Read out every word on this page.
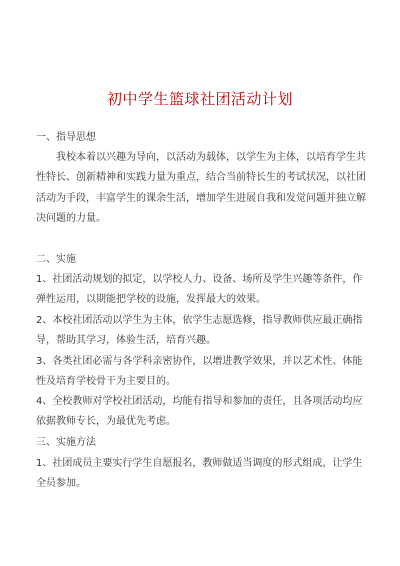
初中学生篮球社团活动计划

一、指导思想

我校本着以兴趣为导向，以活动为载体，以学生为主体，以培育学生共性特长、创新精神和实践力量为重点，结合当前特长生的考试状况，以社团活动为手段，丰富学生的课余生活，增加学生进展自我和发觉问题并独立解决问题的力量。

二、实施

1、社团活动规划的拟定，以学校人力、设备、场所及学生兴趣等条件，作弹性运用，以期能把学校的设施，发挥最大的效果。

2、本校社团活动以学生为主体，依学生志愿选修，指导教师供应最正确指导，帮助其学习，体验生活，培育兴趣。

3、各类社团必需与各学科亲密协作，以增进教学效果，并以艺术性、体能性及培育学校骨干为主要目的。

4、全校教师对学校社团活动，均能有指导和参加的责任，且各项活动均应依据教师专长，为最优先考虑。

三、实施方法

1、社团成员主要实行学生自愿报名，教师做适当调度的形式组成，让学生全员参加。
